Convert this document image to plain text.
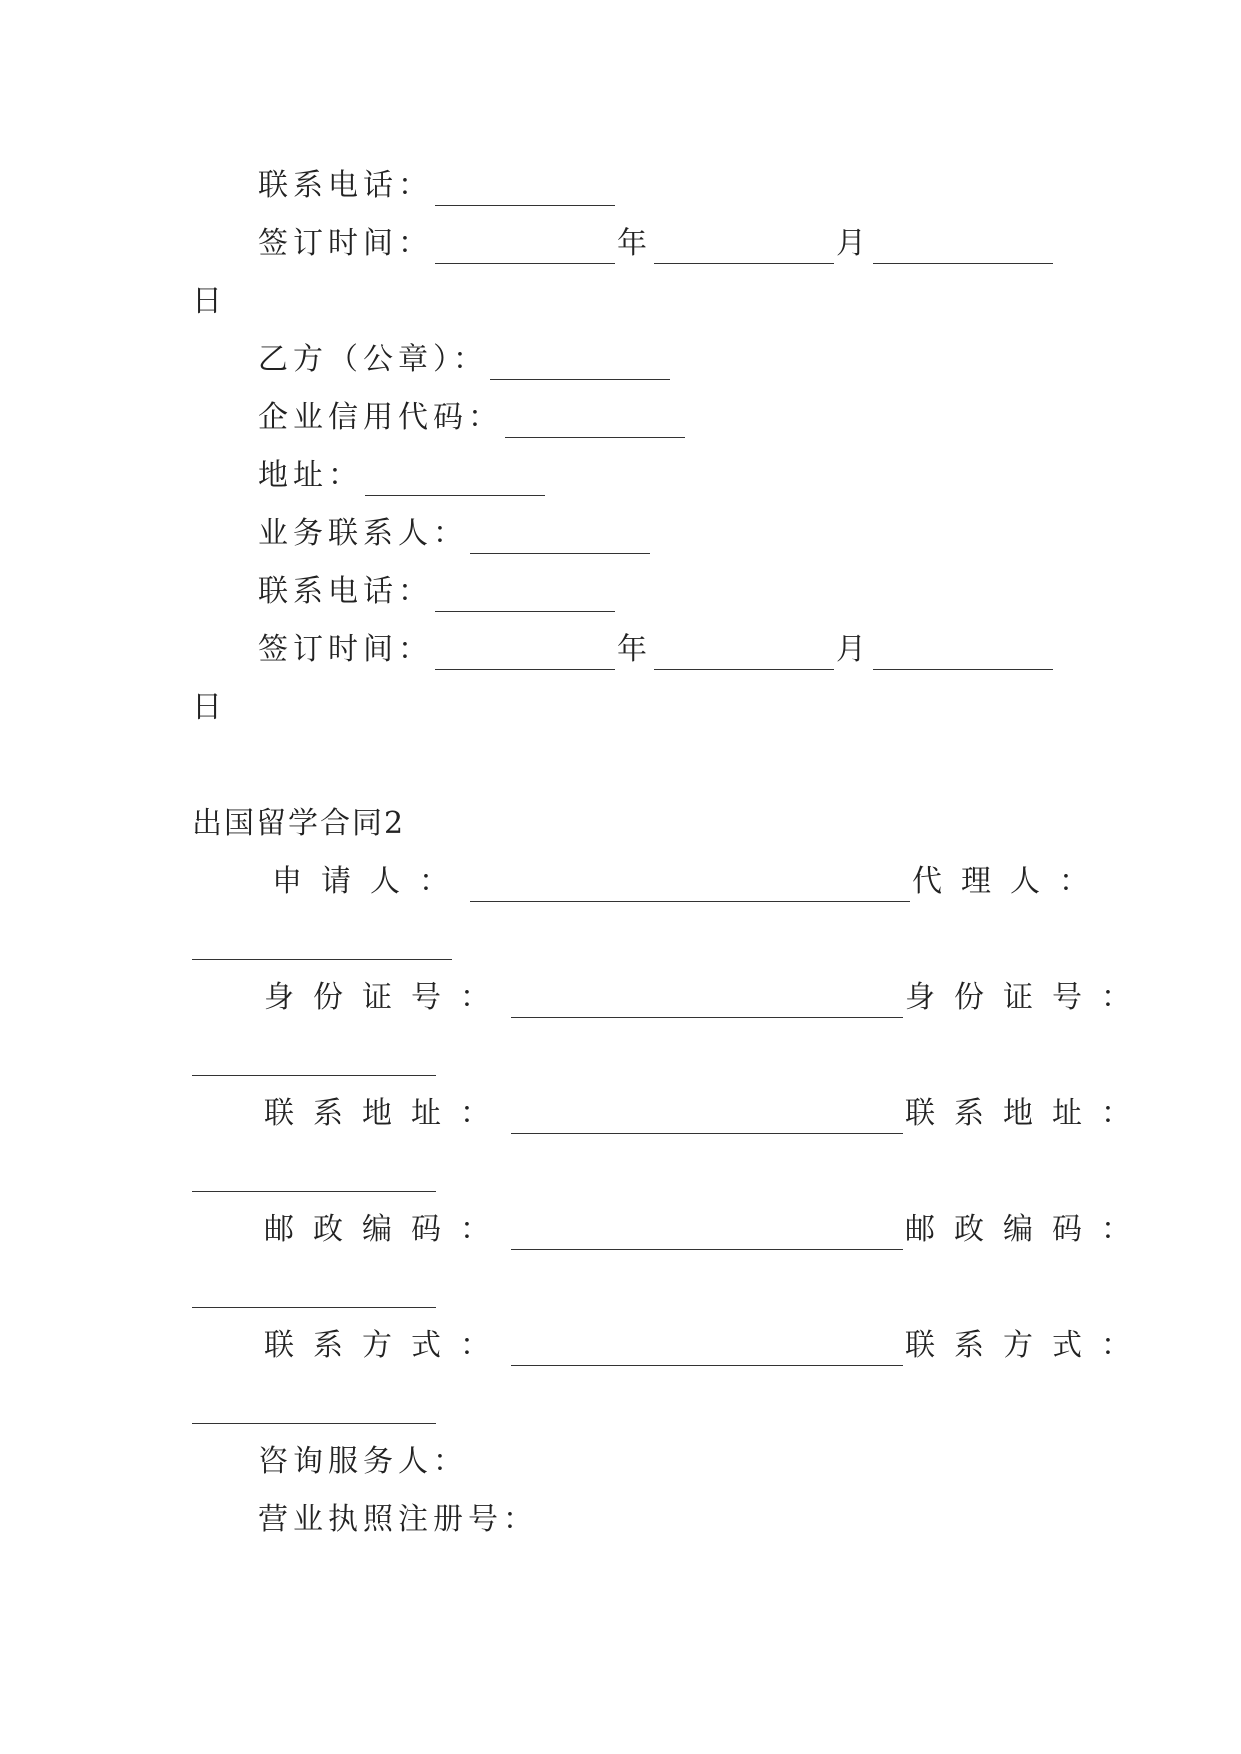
联系电话：
签订时间：	年	月
日
乙方（公章）：
企业信用代码：
地址：
业务联系人：
联系电话：
签订时间：	年	月
日
出国留学合同2
申请人：	代理人：
身份证号：	身份证号：
联系地址：	联系地址：
邮政编码：	邮政编码：
联系方式：	联系方式：
咨询服务人：
营业执照注册号：
